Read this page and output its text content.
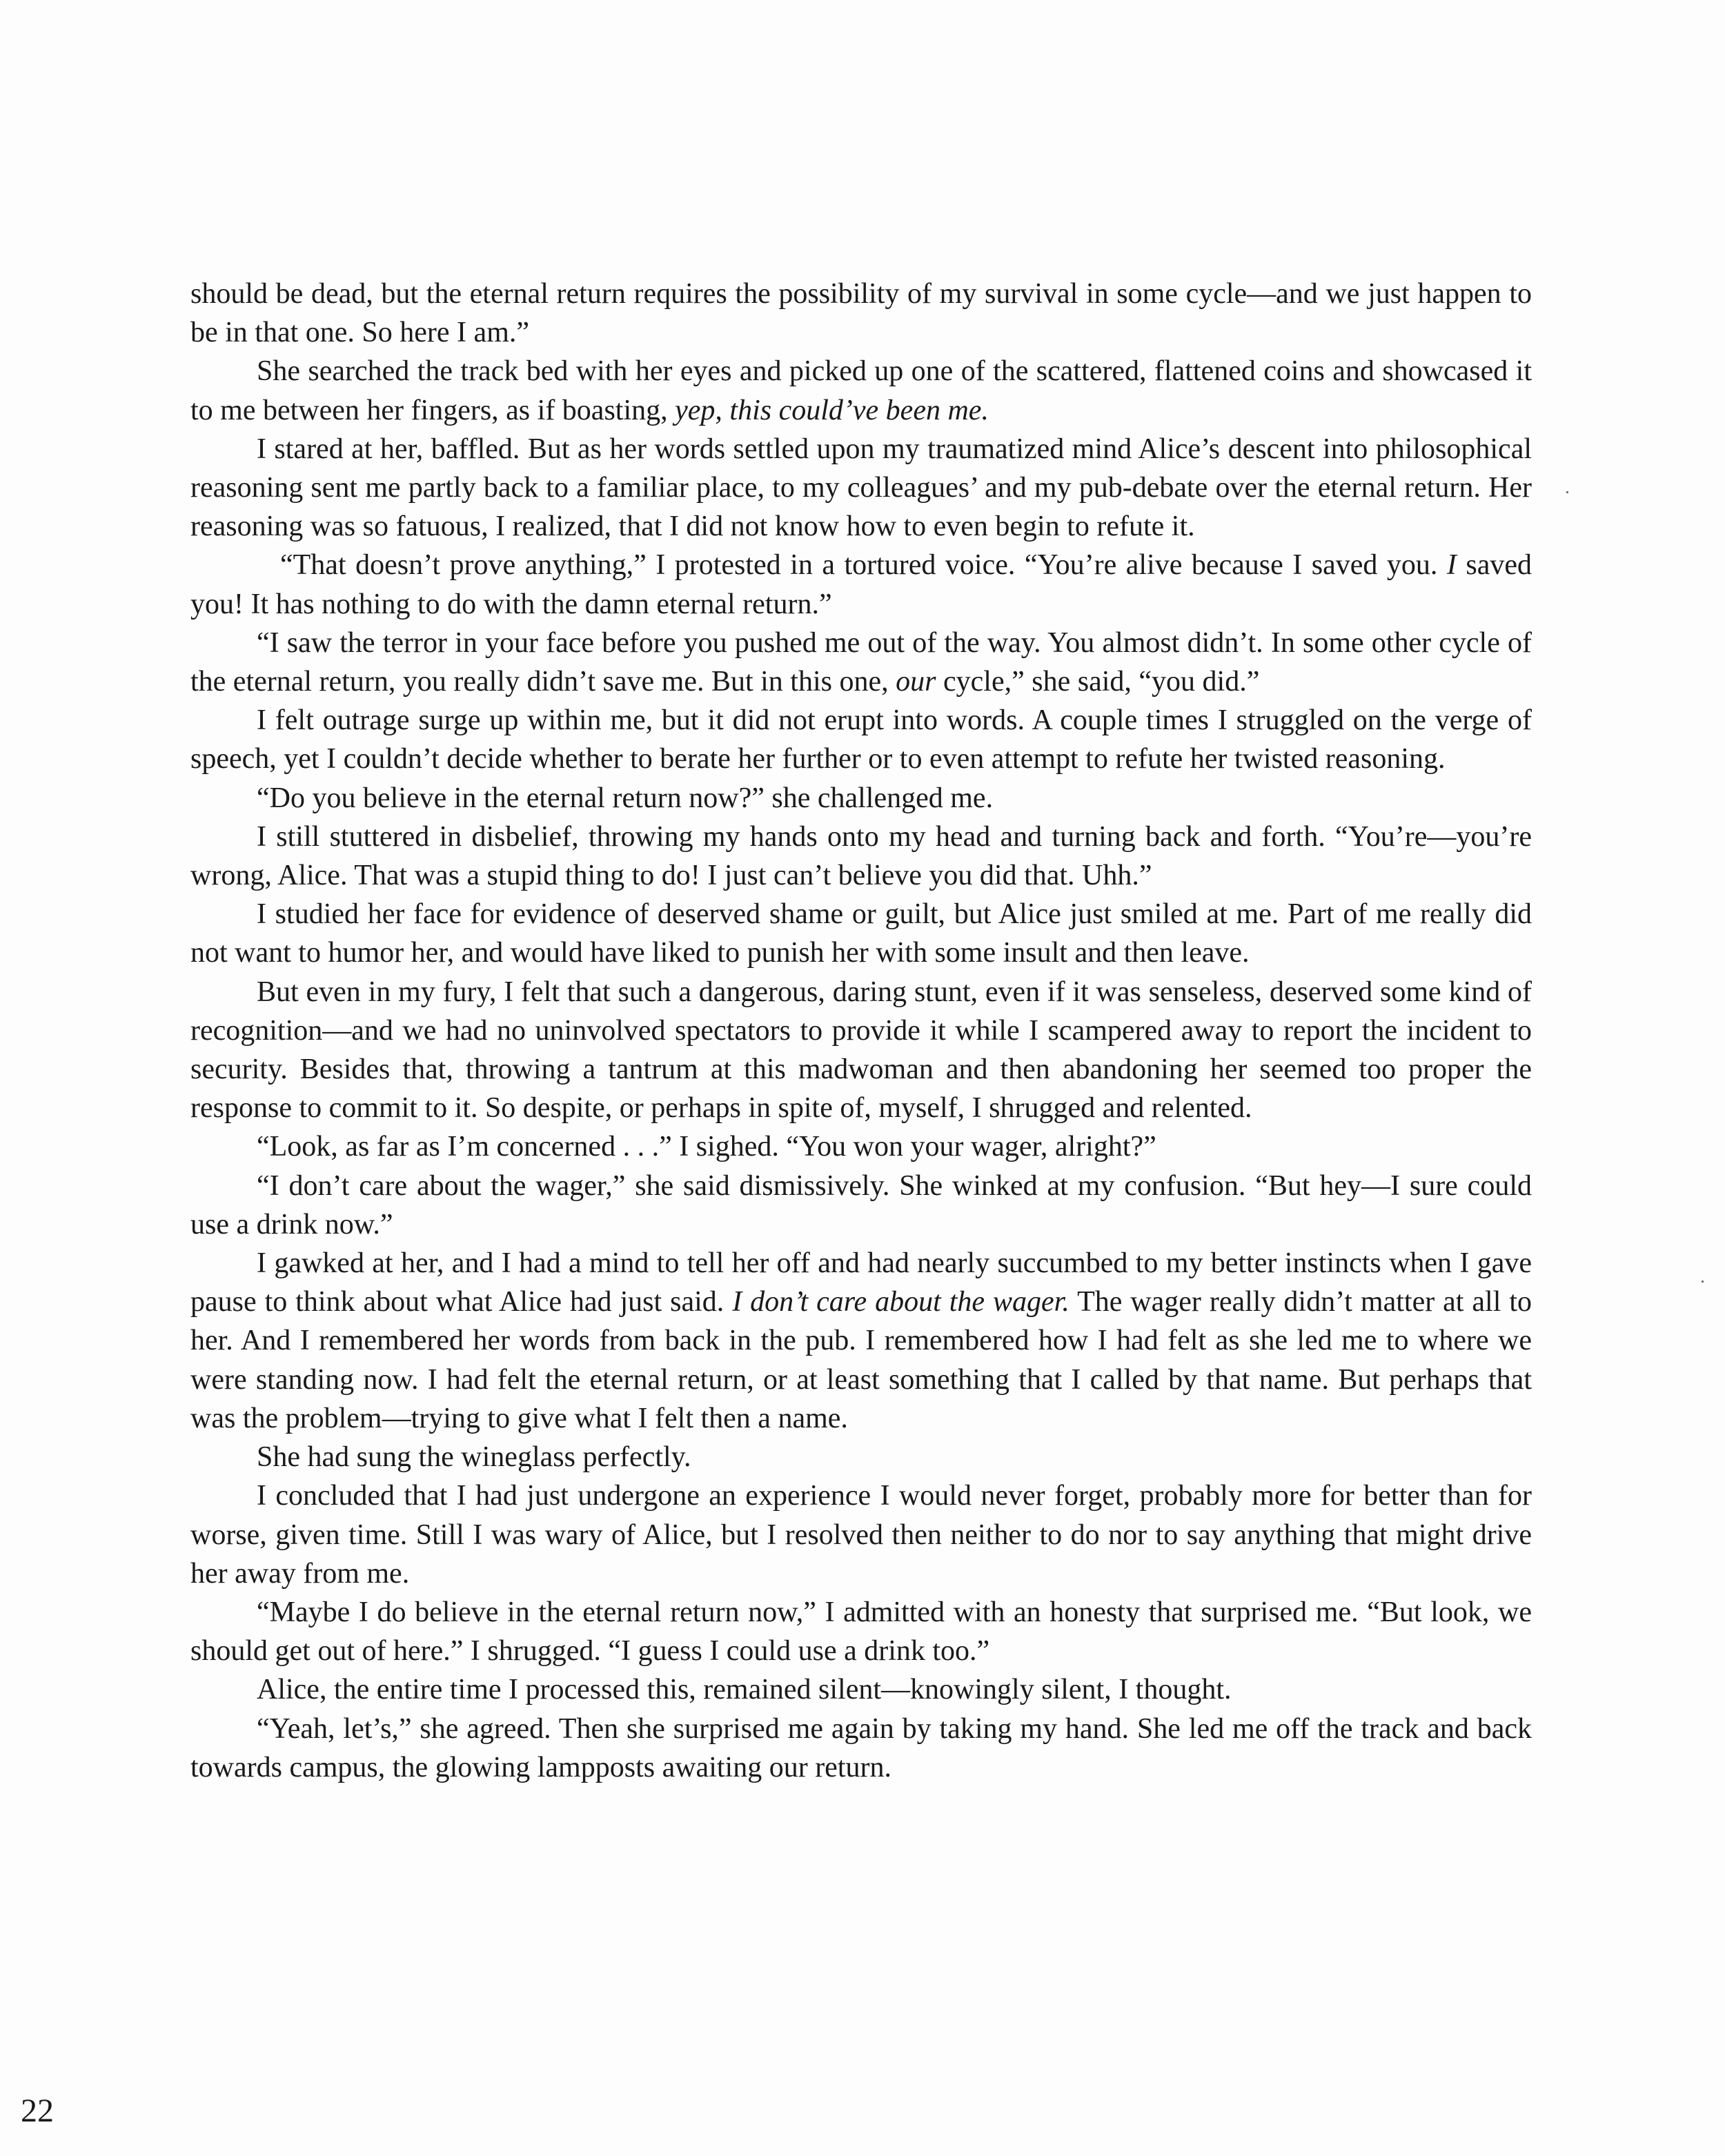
should be dead, but the eternal return requires the possibility of my survival in some cycle—and we just happen to be in that one. So here I am.”

She searched the track bed with her eyes and picked up one of the scattered, flattened coins and showcased it to me between her fingers, as if boasting, yep, this could’ve been me.

I stared at her, baffled. But as her words settled upon my traumatized mind Alice’s descent into philosophical reasoning sent me partly back to a familiar place, to my colleagues’ and my pub-debate over the eternal return. Her reasoning was so fatuous, I realized, that I did not know how to even begin to refute it.

“That doesn’t prove anything,” I protested in a tortured voice. “You’re alive because I saved you. I saved you! It has nothing to do with the damn eternal return.”

“I saw the terror in your face before you pushed me out of the way. You almost didn’t. In some other cycle of the eternal return, you really didn’t save me. But in this one, our cycle,” she said, “you did.”

I felt outrage surge up within me, but it did not erupt into words. A couple times I struggled on the verge of speech, yet I couldn’t decide whether to berate her further or to even attempt to refute her twisted reasoning.

“Do you believe in the eternal return now?” she challenged me.

I still stuttered in disbelief, throwing my hands onto my head and turning back and forth. “You’re—you’re wrong, Alice. That was a stupid thing to do! I just can’t believe you did that. Uhh.”

I studied her face for evidence of deserved shame or guilt, but Alice just smiled at me. Part of me really did not want to humor her, and would have liked to punish her with some insult and then leave.

But even in my fury, I felt that such a dangerous, daring stunt, even if it was senseless, deserved some kind of recognition—and we had no uninvolved spectators to provide it while I scampered away to report the incident to security. Besides that, throwing a tantrum at this madwoman and then abandoning her seemed too proper the response to commit to it. So despite, or perhaps in spite of, myself, I shrugged and relented.

“Look, as far as I’m concerned . . .” I sighed. “You won your wager, alright?”

“I don’t care about the wager,” she said dismissively. She winked at my confusion. “But hey—I sure could use a drink now.”

I gawked at her, and I had a mind to tell her off and had nearly succumbed to my better instincts when I gave pause to think about what Alice had just said. I don’t care about the wager. The wager really didn’t matter at all to her. And I remembered her words from back in the pub. I remembered how I had felt as she led me to where we were standing now. I had felt the eternal return, or at least something that I called by that name. But perhaps that was the problem—trying to give what I felt then a name.

She had sung the wineglass perfectly.

I concluded that I had just undergone an experience I would never forget, probably more for better than for worse, given time. Still I was wary of Alice, but I resolved then neither to do nor to say anything that might drive her away from me.

“Maybe I do believe in the eternal return now,” I admitted with an honesty that surprised me. “But look, we should get out of here.” I shrugged. “I guess I could use a drink too.”

Alice, the entire time I processed this, remained silent—knowingly silent, I thought.

“Yeah, let’s,” she agreed. Then she surprised me again by taking my hand. She led me off the track and back towards campus, the glowing lampposts awaiting our return.

22
